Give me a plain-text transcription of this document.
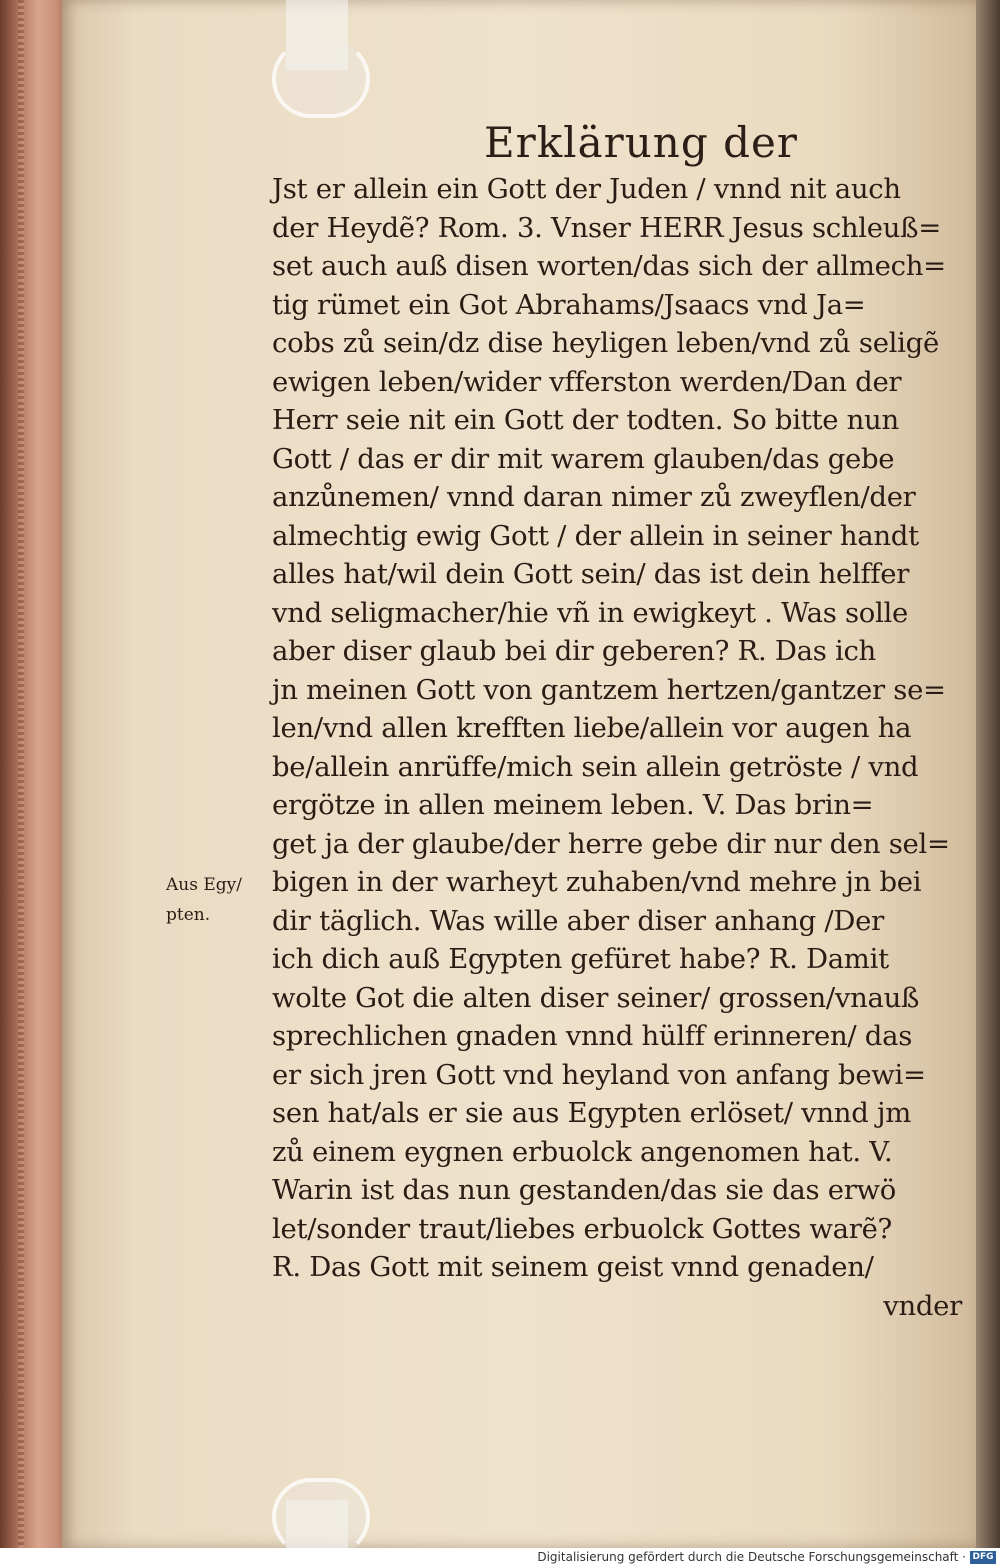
Erklärung der
Aus Egy/
pten.
Jst er allein ein Gott der Juden / vnnd nit auch
der Heydẽ? Rom. 3. Vnser HERR Jesus schleuß=
set auch auß disen worten/das sich der allmech=
tig rümet ein Got Abrahams/Jsaacs vnd Ja=
cobs zů sein/dz dise heyligen leben/vnd zů seligẽ
ewigen leben/wider vfferston werden/Dan der
Herr seie nit ein Gott der todten. So bitte nun
Gott / das er dir mit warem glauben/das gebe
anzůnemen/ vnnd daran nimer zů zweyflen/der
almechtig ewig Gott / der allein in seiner handt
alles hat/wil dein Gott sein/ das ist dein helffer
vnd seligmacher/hie vñ in ewigkeyt . Was solle
aber diser glaub bei dir geberen? R. Das ich
jn meinen Gott von gantzem hertzen/gantzer se=
len/vnd allen krefften liebe/allein vor augen ha
be/allein anrüffe/mich sein allein getröste / vnd
ergötze in allen meinem leben. V. Das brin=
get ja der glaube/der herre gebe dir nur den sel=
bigen in der warheyt zuhaben/vnd mehre jn bei
dir täglich. Was wille aber diser anhang /Der
ich dich auß Egypten gefüret habe? R. Damit
wolte Got die alten diser seiner/ grossen/vnauß
sprechlichen gnaden vnnd hülff erinneren/ das
er sich jren Gott vnd heyland von anfang bewi=
sen hat/als er sie aus Egypten erlöset/ vnnd jm
zů einem eygnen erbuolck angenomen hat. V.
Warin ist das nun gestanden/das sie das erwö
let/sonder traut/liebes erbuolck Gottes warẽ?
R. Das Gott mit seinem geist vnnd genaden/
vnder
Digitalisierung gefördert durch die Deutsche Forschungsgemeinschaft · DFG
